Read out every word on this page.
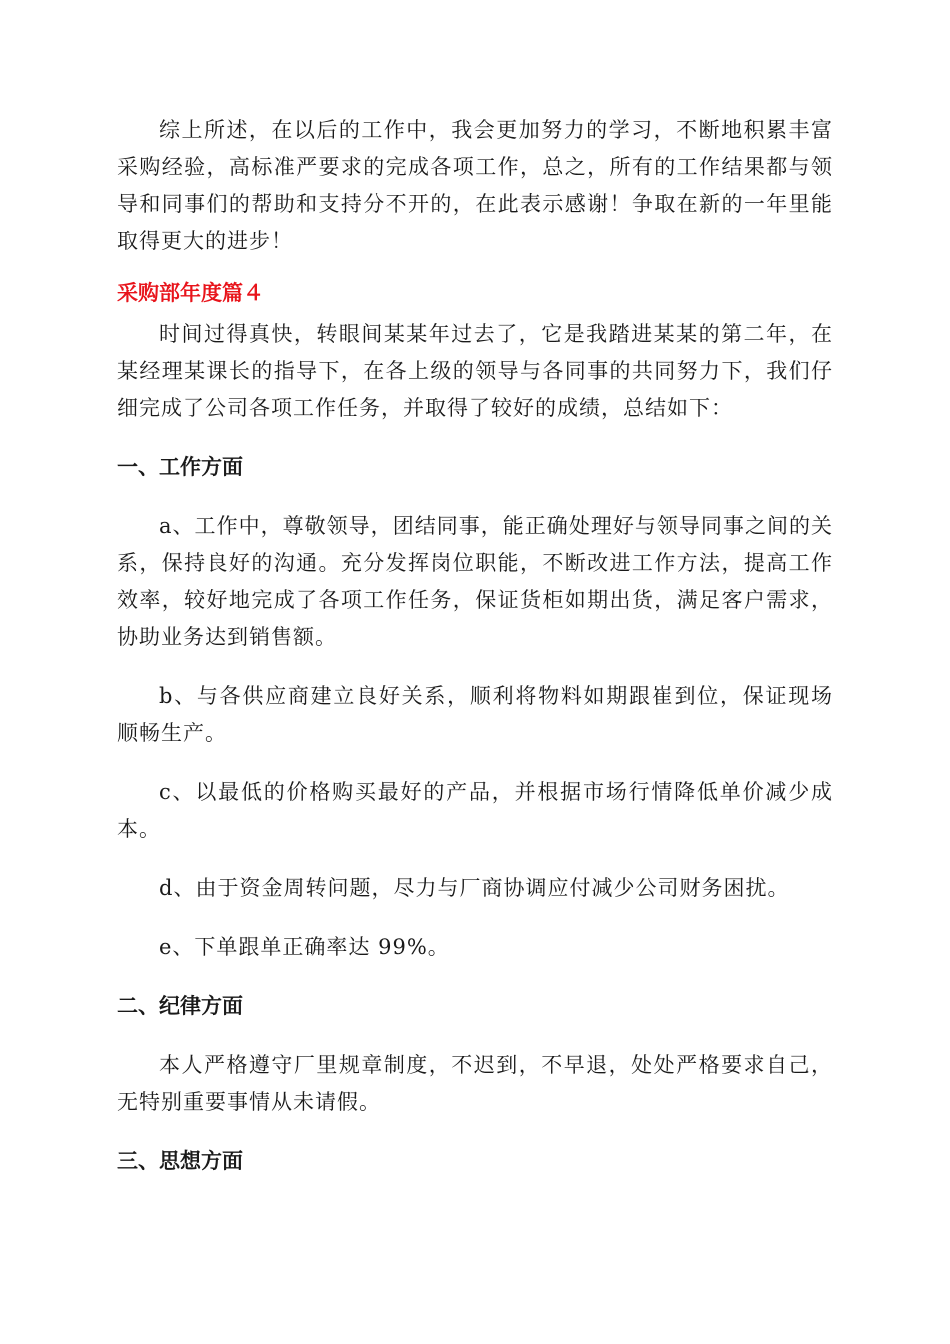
综上所述，在以后的工作中，我会更加努力的学习，不断地积累丰富采购经验，高标准严要求的完成各项工作，总之，所有的工作结果都与领导和同事们的帮助和支持分不开的，在此表示感谢！争取在新的一年里能取得更大的进步！

采购部年度篇４

时间过得真快，转眼间某某年过去了，它是我踏进某某的第二年，在某经理某课长的指导下，在各上级的领导与各同事的共同努力下，我们仔细完成了公司各项工作任务，并取得了较好的成绩，总结如下：

一、工作方面

a、工作中，尊敬领导，团结同事，能正确处理好与领导同事之间的关系，保持良好的沟通。充分发挥岗位职能，不断改进工作方法，提高工作效率，较好地完成了各项工作任务，保证货柜如期出货，满足客户需求，协助业务达到销售额。

b、与各供应商建立良好关系，顺利将物料如期跟崔到位，保证现场顺畅生产。

c、以最低的价格购买最好的产品，并根据市场行情降低单价减少成本。

d、由于资金周转问题，尽力与厂商协调应付减少公司财务困扰。

e、下单跟单正确率达 99%。

二、纪律方面

本人严格遵守厂里规章制度，不迟到，不早退，处处严格要求自己，无特别重要事情从未请假。

三、思想方面
